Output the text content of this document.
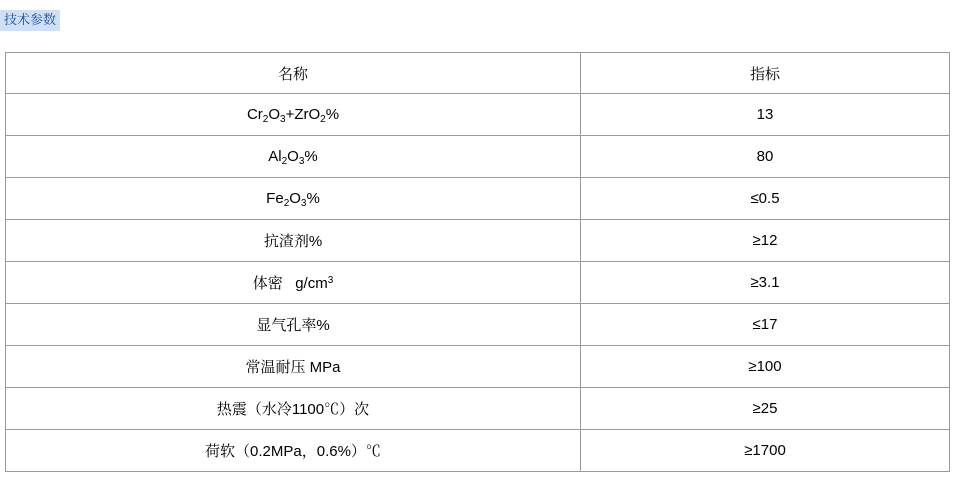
技术参数
名称	指标
$Cr_2O_3+ZrO_2\%$	13
$Al_2O_3\%$	80
$Fe_2O_3\%$	≤0.5
抗渣剂%	≥12
体密   $g/cm^3$	≥3.1
显气孔率%	≤17
常温耐压 MPa	≥100
热震（水冷1100℃）次	≥25
荷软（0.2MPa，0.6%）℃	≥1700
